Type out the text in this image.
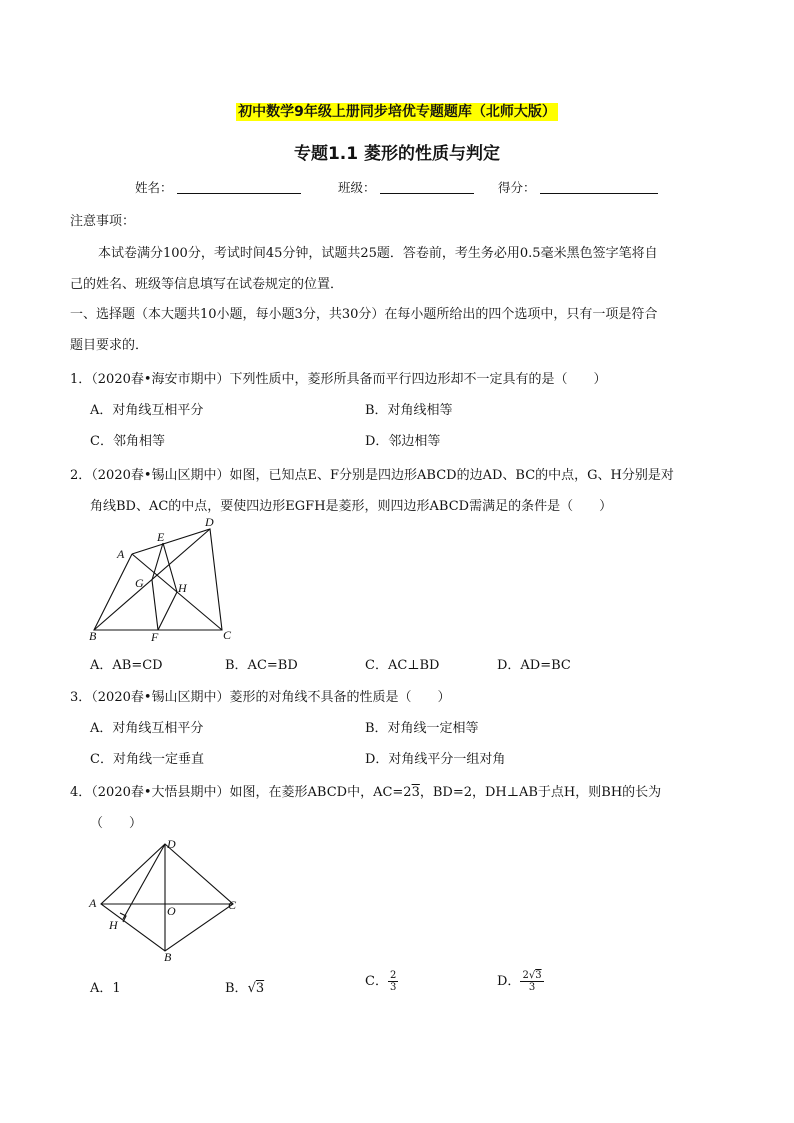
初中数学9年级上册同步培优专题题库（北师大版）
专题1.1 菱形的性质与判定
姓名：	班级：	得分：
注意事项：
本试卷满分100分，考试时间45分钟，试题共25题．答卷前，考生务必用0.5毫米黑色签字笔将自
己的姓名、班级等信息填写在试卷规定的位置．
一、选择题（本大题共10小题，每小题3分，共30分）在每小题所给出的四个选项中，只有一项是符合
题目要求的．
1．（2020春•海安市期中）下列性质中，菱形所具备而平行四边形却不一定具有的是（　　）
A．对角线互相平分	B．对角线相等
C．邻角相等	D．邻边相等
2．（2020春•锡山区期中）如图，已知点E、F分别是四边形ABCD的边AD、BC的中点，G、H分别是对
角线BD、AC的中点，要使四边形EGFH是菱形，则四边形ABCD需满足的条件是（　　）
A
B	C
D
E
F
G	H
A．AB=CD	B．AC=BD	C．AC⊥BD	D．AD=BC
3．（2020春•锡山区期中）菱形的对角线不具备的性质是（　　）
A．对角线互相平分	B．对角线一定相等
C．对角线一定垂直	D．对角线平分一组对角
4．（2020春•大悟县期中）如图，在菱形ABCD中，AC=23，BD=2，DH⊥AB于点H，则BH的长为
（　　）
D
A
O	C
H
B
A．1	B．√3	C． $\frac{2}{3}$	D． $\frac{2√3}{3}$
